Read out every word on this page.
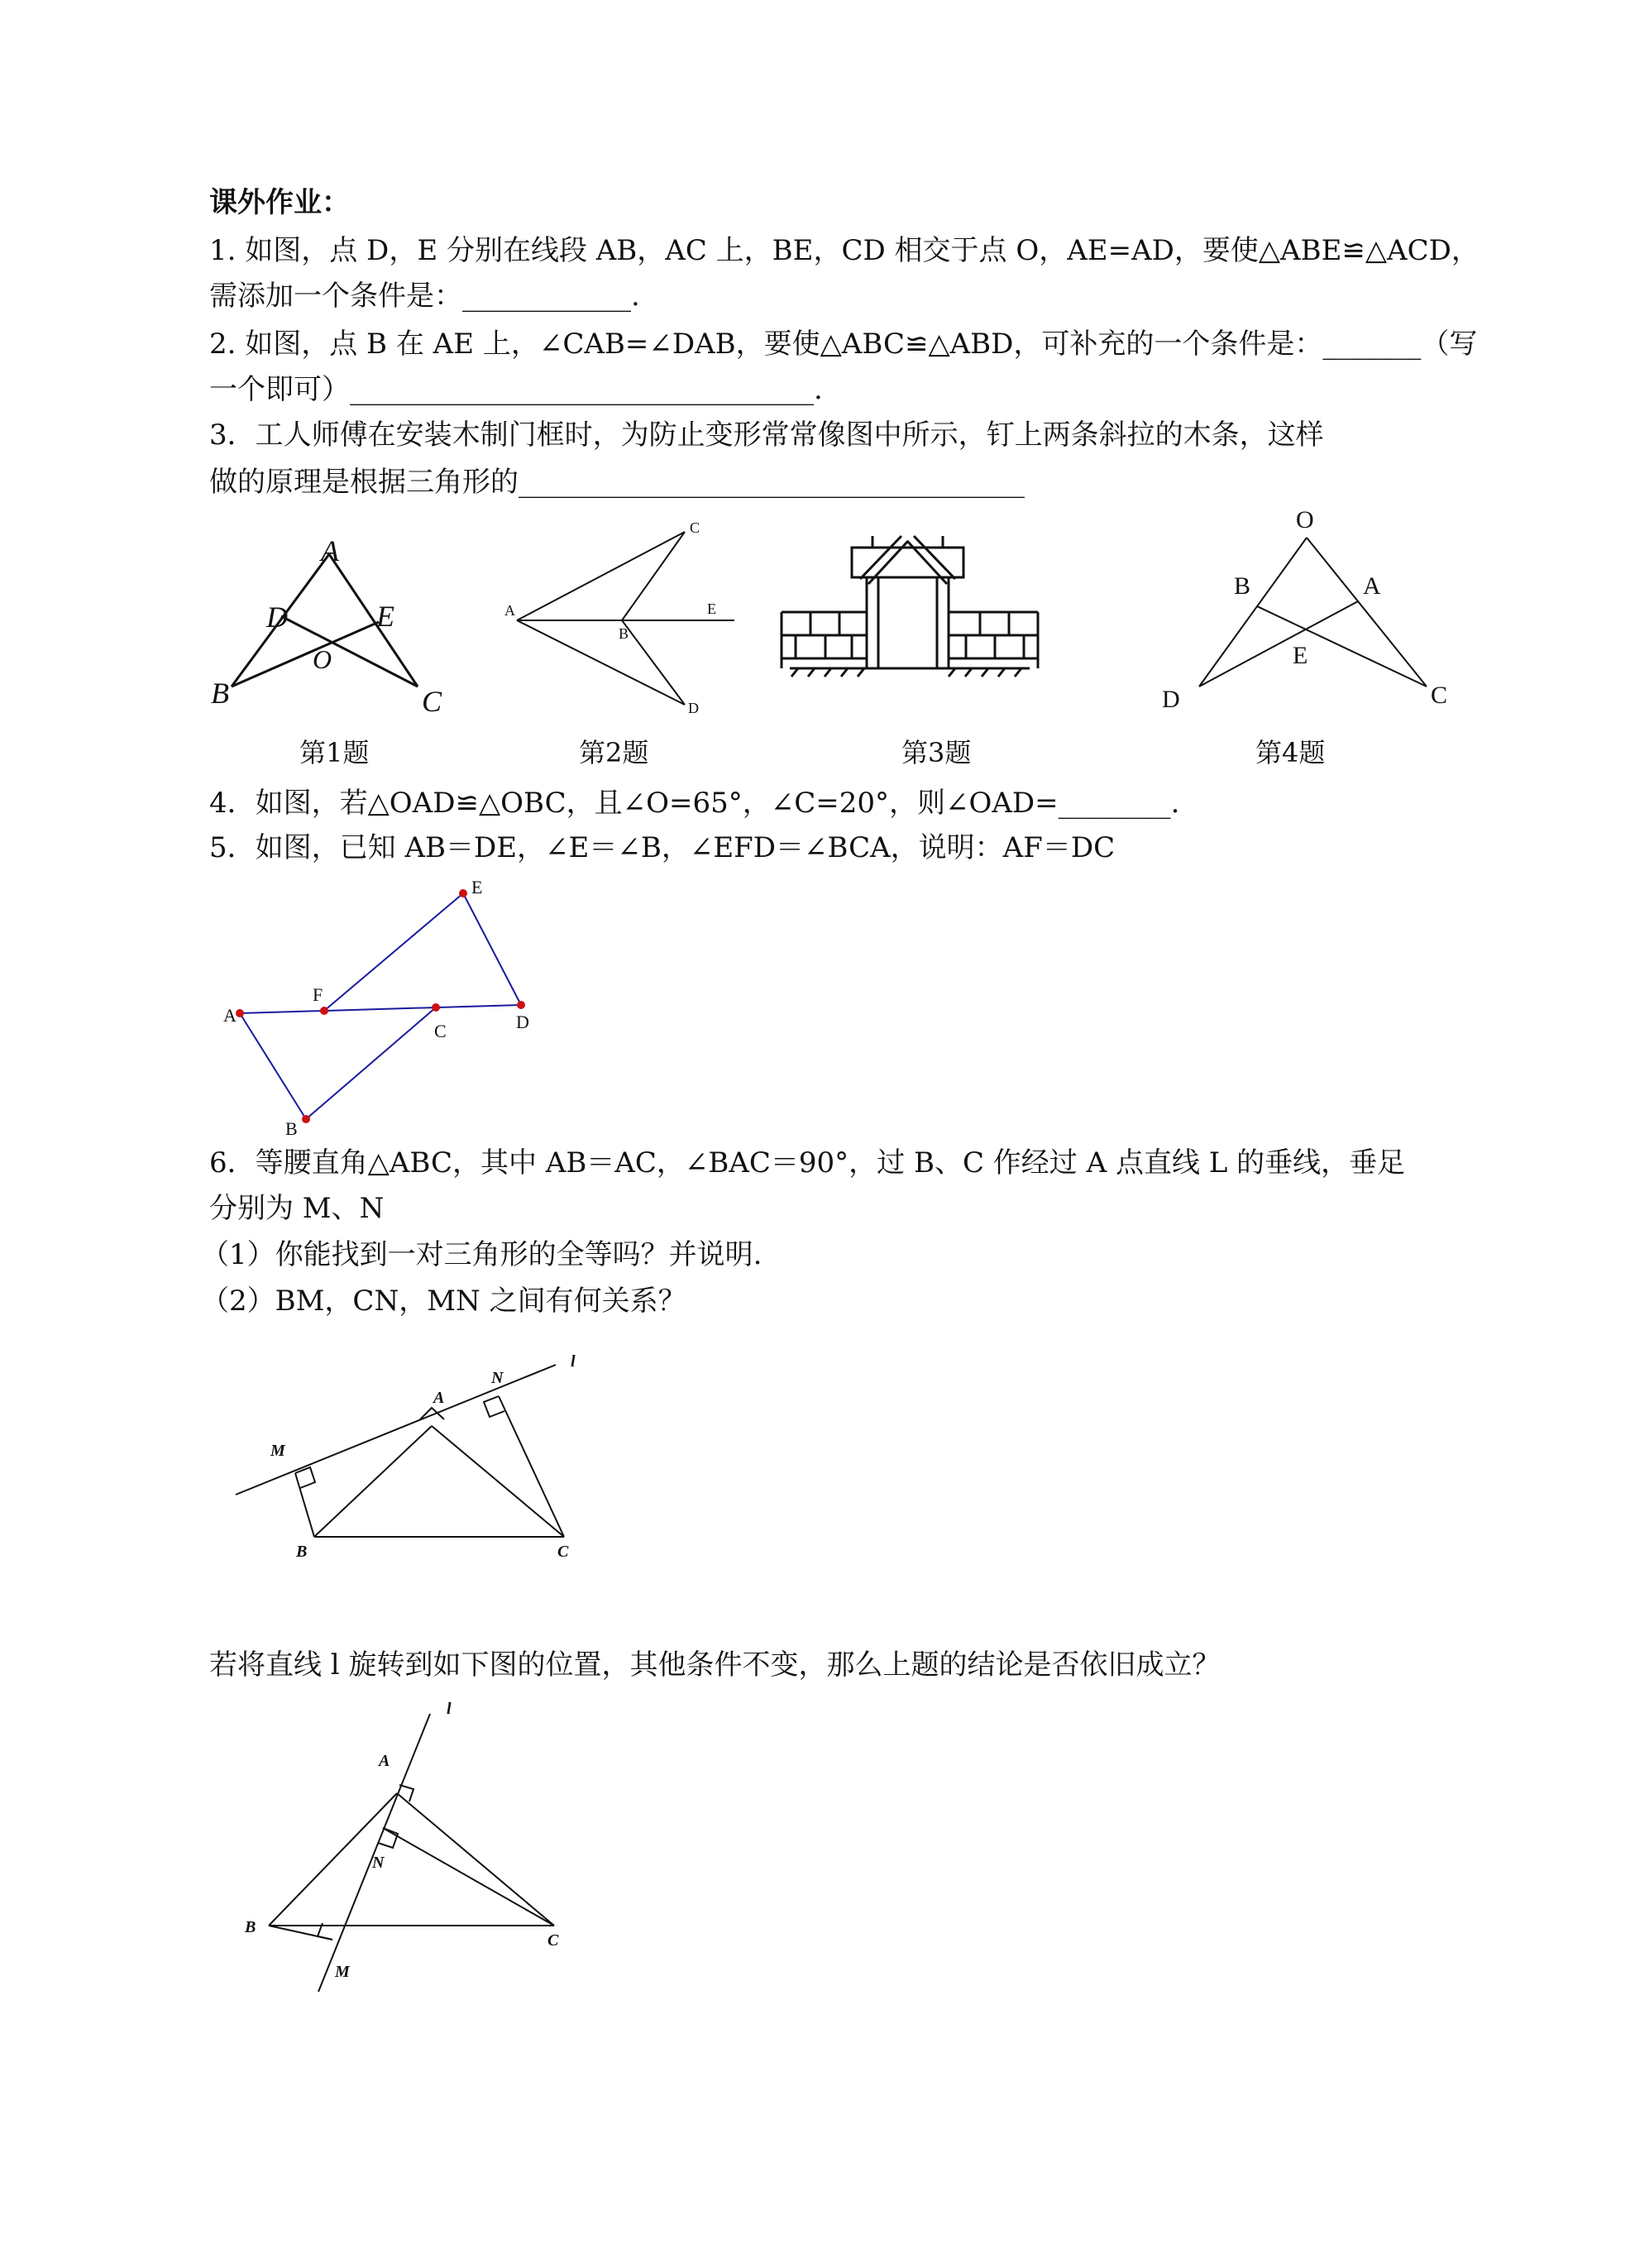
课外作业：
1. 如图，点 D，E 分别在线段 AB，AC 上，BE，CD 相交于点 O，AE=AD，要使△ABE≌△ACD，
需添加一个条件是：____________.
2. 如图，点 B 在 AE 上，∠CAB=∠DAB，要使△ABC≌△ABD，可补充的一个条件是：_______（写
一个即可）_________________________________.
3．工人师傅在安装木制门框时，为防止变形常常像图中所示，钉上两条斜拉的木条，这样
做的原理是根据三角形的____________________________________
第1题	第2题	第3题	第4题
4．如图，若△OAD≌△OBC，且∠O=65°，∠C=20°，则∠OAD=________.
5．如图，已知 AB＝DE，∠E＝∠B，∠EFD＝∠BCA，说明：AF＝DC
6．等腰直角△ABC，其中 AB＝AC，∠BAC＝90°，过 B、C 作经过 A 点直线 L 的垂线，垂足
分别为 M、N
（1）你能找到一对三角形的全等吗？并说明.
（2）BM，CN，MN 之间有何关系？
若将直线 l 旋转到如下图的位置，其他条件不变，那么上题的结论是否依旧成立？
A
D	E
O
B	C
C
A
B
E
D
O
B	A
E
D	C
E
F
A
C	D
B
N
l
A
M
B	C
l
A
N
B
C
M
